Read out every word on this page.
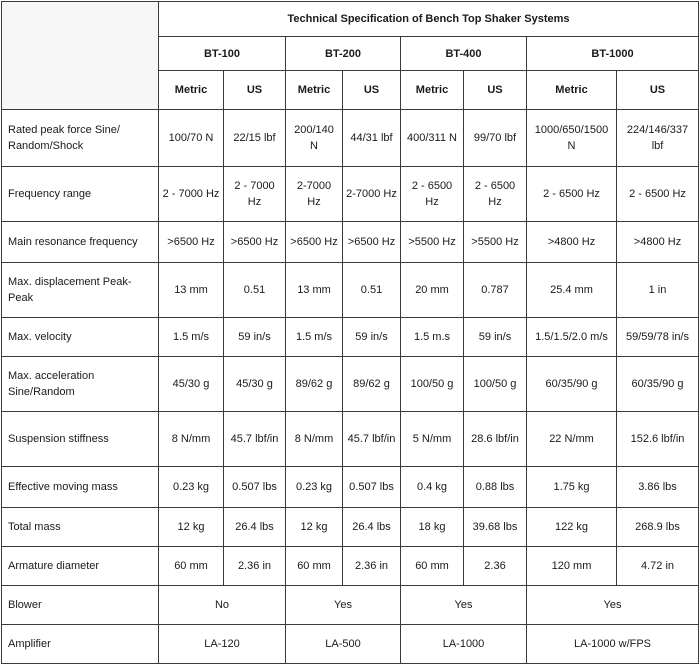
	Technical Specification of Bench Top Shaker Systems							
	BT-100		BT-200		BT-400		BT-1000	
	Metric	US	Metric	US	Metric	US	Metric	US
Rated peak force Sine/ Random/Shock	100/70 N	22/15 lbf	200/140 N	44/31 lbf	400/311 N	99/70 lbf	1000/650/1500 N	224/146/337 lbf
Frequency range	2 - 7000 Hz	2 - 7000 Hz	2-7000 Hz	2-7000 Hz	2 - 6500 Hz	2 - 6500 Hz	2 - 6500 Hz	2 - 6500 Hz
Main resonance frequency	>6500 Hz	>6500 Hz	>6500 Hz	>6500 Hz	>5500 Hz	>5500 Hz	>4800 Hz	>4800 Hz
Max. displacement Peak-Peak	13 mm	0.51	13 mm	0.51	20 mm	0.787	25.4 mm	1 in
Max. velocity	1.5 m/s	59 in/s	1.5 m/s	59 in/s	1.5 m.s	59 in/s	1.5/1.5/2.0 m/s	59/59/78 in/s
Max. acceleration Sine/Random	45/30 g	45/30 g	89/62 g	89/62 g	100/50 g	100/50 g	60/35/90 g	60/35/90 g
Suspension stiffness	8 N/mm	45.7 lbf/in	8 N/mm	45.7 lbf/in	5 N/mm	28.6 lbf/in	22 N/mm	152.6 lbf/in
Effective moving mass	0.23 kg	0.507 lbs	0.23 kg	0.507 lbs	0.4 kg	0.88 lbs	1.75 kg	3.86 lbs
Total mass	12 kg	26.4 lbs	12 kg	26.4 lbs	18 kg	39.68 lbs	122 kg	268.9 lbs
Armature diameter	60 mm	2.36 in	60 mm	2.36 in	60 mm	2.36	120 mm	4.72 in
Blower	No		Yes		Yes		Yes	
Amplifier	LA-120		LA-500		LA-1000		LA-1000 w/FPS	
